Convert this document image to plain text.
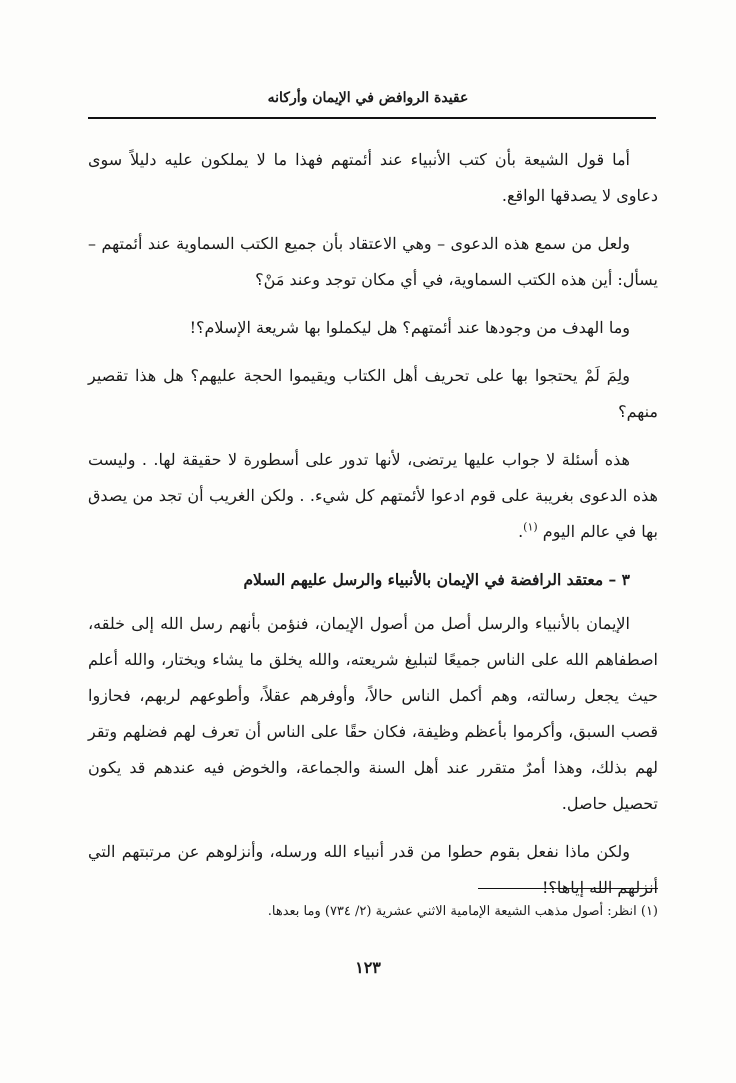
عقيدة الروافض في الإيمان وأركانه

أما قول الشيعة بأن كتب الأنبياء عند أئمتهم فهذا ما لا يملكون عليه دليلاً سوى دعاوى لا يصدقها الواقع.

ولعل من سمع هذه الدعوى – وهي الاعتقاد بأن جميع الكتب السماوية عند أئمتهم – يسأل: أين هذه الكتب السماوية، في أي مكان توجد وعند مَنْ؟

وما الهدف من وجودها عند أئمتهم؟ هل ليكملوا بها شريعة الإسلام؟!

ولِمَ لَمْ يحتجوا بها على تحريف أهل الكتاب ويقيموا الحجة عليهم؟ هل هذا تقصير منهم؟

هذه أسئلة لا جواب عليها يرتضى، لأنها تدور على أسطورة لا حقيقة لها. . وليست هذه الدعوى بغريبة على قوم ادعوا لأئمتهم كل شيء. . ولكن الغريب أن تجد من يصدق بها في عالم اليوم $^{(١)}$.

٣ – معتقد الرافضة في الإيمان بالأنبياء والرسل عليهم السلام

الإيمان بالأنبياء والرسل أصل من أصول الإيمان، فنؤمن بأنهم رسل الله إلى خلقه، اصطفاهم الله على الناس جميعًا لتبليغ شريعته، والله يخلق ما يشاء ويختار، والله أعلم حيث يجعل رسالته، وهم أكمل الناس حالاً، وأوفرهم عقلاً، وأطوعهم لربهم، فحازوا قصب السبق، وأكرموا بأعظم وظيفة، فكان حقًا على الناس أن تعرف لهم فضلهم وتقر لهم بذلك، وهذا أمرٌ متقرر عند أهل السنة والجماعة، والخوض فيه عندهم قد يكون تحصيل حاصل.

ولكن ماذا نفعل بقوم حطوا من قدر أنبياء الله ورسله، وأنزلوهم عن مرتبتهم التي أنزلهم الله إياها؟!

(١) انظر: أصول مذهب الشيعة الإمامية الاثني عشرية (٢/ ٧٣٤) وما بعدها.
١٢٣
